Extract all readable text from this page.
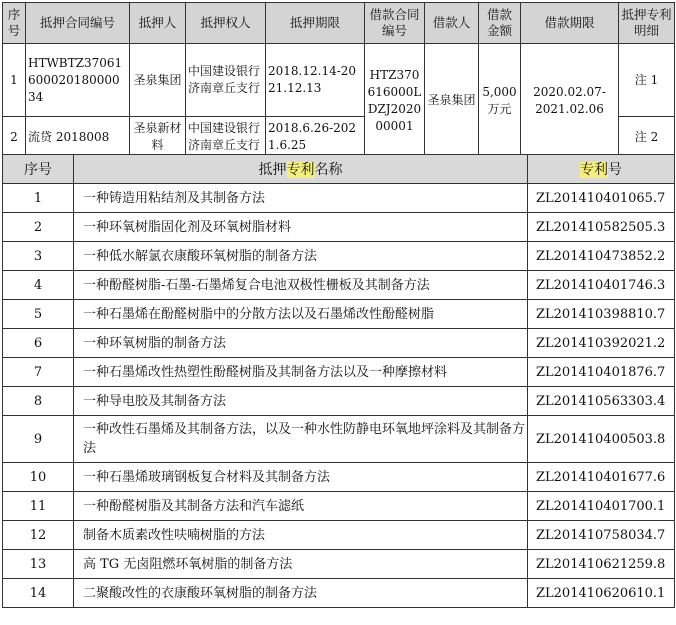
序号	抵押合同编号	抵押人	抵押权人	抵押期限	借款合同编号	借款人	借款金额	借款期限	抵押专利明细
1	HTWBTZ3706160002018000034	圣泉集团	中国建设银行济南章丘支行	2018.12.14-2021.12.13	HTZ370616000LDZJ202000001	圣泉集团	5,000万元	2020.02.07-2021.02.06	注 1
2	流贷 2018008	圣泉新材料	中国建设银行济南章丘支行	2018.6.26-2021.6.25					注 2
序号	抵押专利名称	专利号
1	一种铸造用粘结剂及其制备方法	ZL201410401065.7
2	一种环氧树脂固化剂及环氧树脂材料	ZL201410582505.3
3	一种低水解氯衣康酸环氧树脂的制备方法	ZL201410473852.2
4	一种酚醛树脂-石墨-石墨烯复合电池双极性栅板及其制备方法	ZL201410401746.3
5	一种石墨烯在酚醛树脂中的分散方法以及石墨烯改性酚醛树脂	ZL201410398810.7
6	一种环氧树脂的制备方法	ZL201410392021.2
7	一种石墨烯改性热塑性酚醛树脂及其制备方法以及一种摩擦材料	ZL201410401876.7
8	一种导电胶及其制备方法	ZL201410563303.4
9	一种改性石墨烯及其制备方法，以及一种水性防静电环氧地坪涂料及其制备方法	ZL201410400503.8
10	一种石墨烯玻璃钢板复合材料及其制备方法	ZL201410401677.6
11	一种酚醛树脂及其制备方法和汽车滤纸	ZL201410401700.1
12	制备木质素改性呋喃树脂的方法	ZL201410758034.7
13	高 TG 无卤阻燃环氧树脂的制备方法	ZL201410621259.8
14	二聚酸改性的衣康酸环氧树脂的制备方法	ZL201410620610.1
